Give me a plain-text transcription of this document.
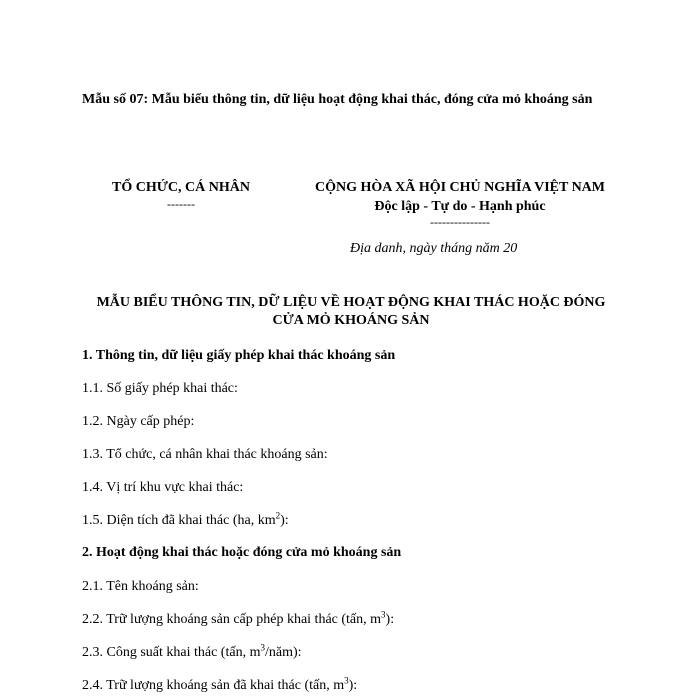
Mẫu số 07: Mẫu biểu thông tin, dữ liệu hoạt động khai thác, đóng cửa mỏ khoáng sản
TỔ CHỨC, CÁ NHÂN
-------
CỘNG HÒA XÃ HỘI CHỦ NGHĨA VIỆT NAM
Độc lập - Tự do - Hạnh phúc
---------------
Địa danh, ngày tháng năm 20
MẪU BIỂU THÔNG TIN, DỮ LIỆU VỀ HOẠT ĐỘNG KHAI THÁC HOẶC ĐÓNG CỬA MỎ KHOÁNG SẢN
1. Thông tin, dữ liệu giấy phép khai thác khoáng sản
1.1. Số giấy phép khai thác:
1.2. Ngày cấp phép:
1.3. Tổ chức, cá nhân khai thác khoáng sản:
1.4. Vị trí khu vực khai thác:
1.5. Diện tích đã khai thác (ha, $km^2$):
2. Hoạt động khai thác hoặc đóng cửa mỏ khoáng sản
2.1. Tên khoáng sản:
2.2. Trữ lượng khoáng sản cấp phép khai thác (tấn, $m^3$):
2.3. Công suất khai thác (tấn, $m^3/năm$):
2.4. Trữ lượng khoáng sản đã khai thác (tấn, $m^3$):
